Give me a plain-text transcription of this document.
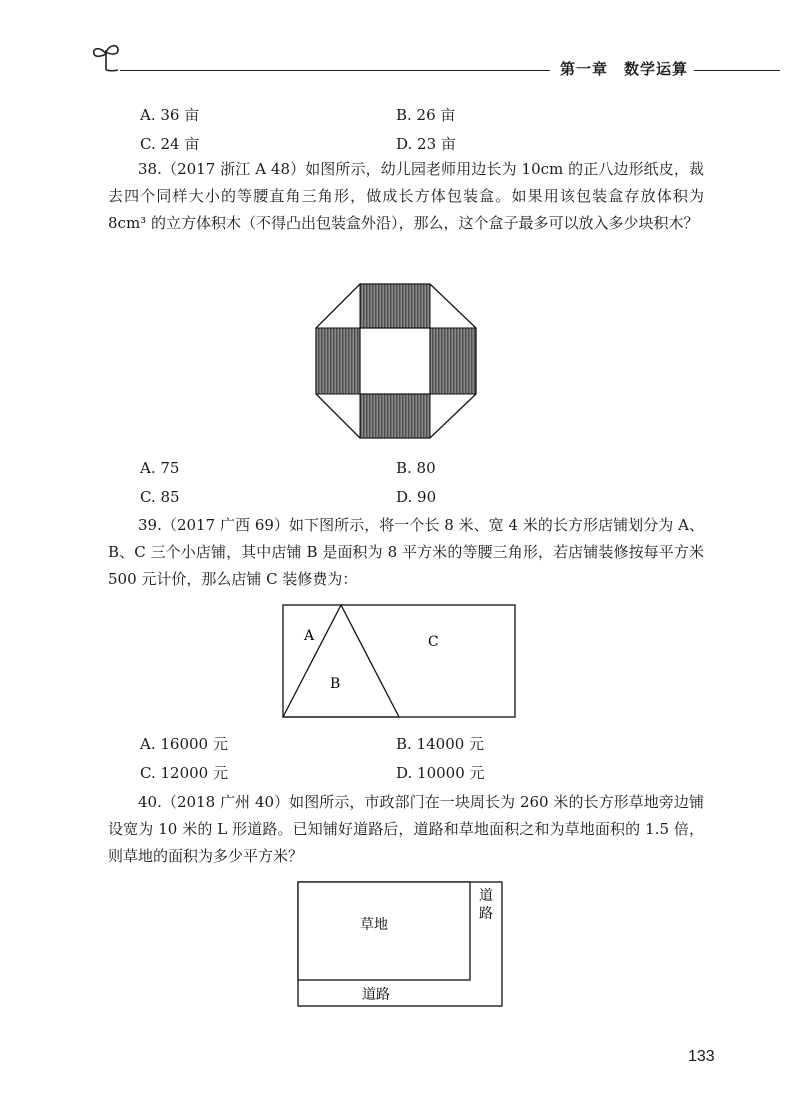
第一章　数学运算
A. 36 亩	B. 26 亩
C. 24 亩	D. 23 亩
38.（2017 浙江 A 48）如图所示，幼儿园老师用边长为 10cm 的正八边形纸皮，裁去四个同样大小的等腰直角三角形，做成长方体包装盒。如果用该包装盒存放体积为 8cm³ 的立方体积木（不得凸出包装盒外沿），那么，这个盒子最多可以放入多少块积木？
A. 75	B. 80
C. 85	D. 90
39.（2017 广西 69）如下图所示，将一个长 8 米、宽 4 米的长方形店铺划分为 A、B、C 三个小店铺，其中店铺 B 是面积为 8 平方米的等腰三角形，若店铺装修按每平方米 500 元计价，那么店铺 C 装修费为：
A
B
C
A. 16000 元	B. 14000 元
C. 12000 元	D. 10000 元
40.（2018 广州 40）如图所示，市政部门在一块周长为 260 米的长方形草地旁边铺设宽为 10 米的 L 形道路。已知铺好道路后，道路和草地面积之和为草地面积的 1.5 倍，则草地的面积为多少平方米？
草地
道
路
道路
133
